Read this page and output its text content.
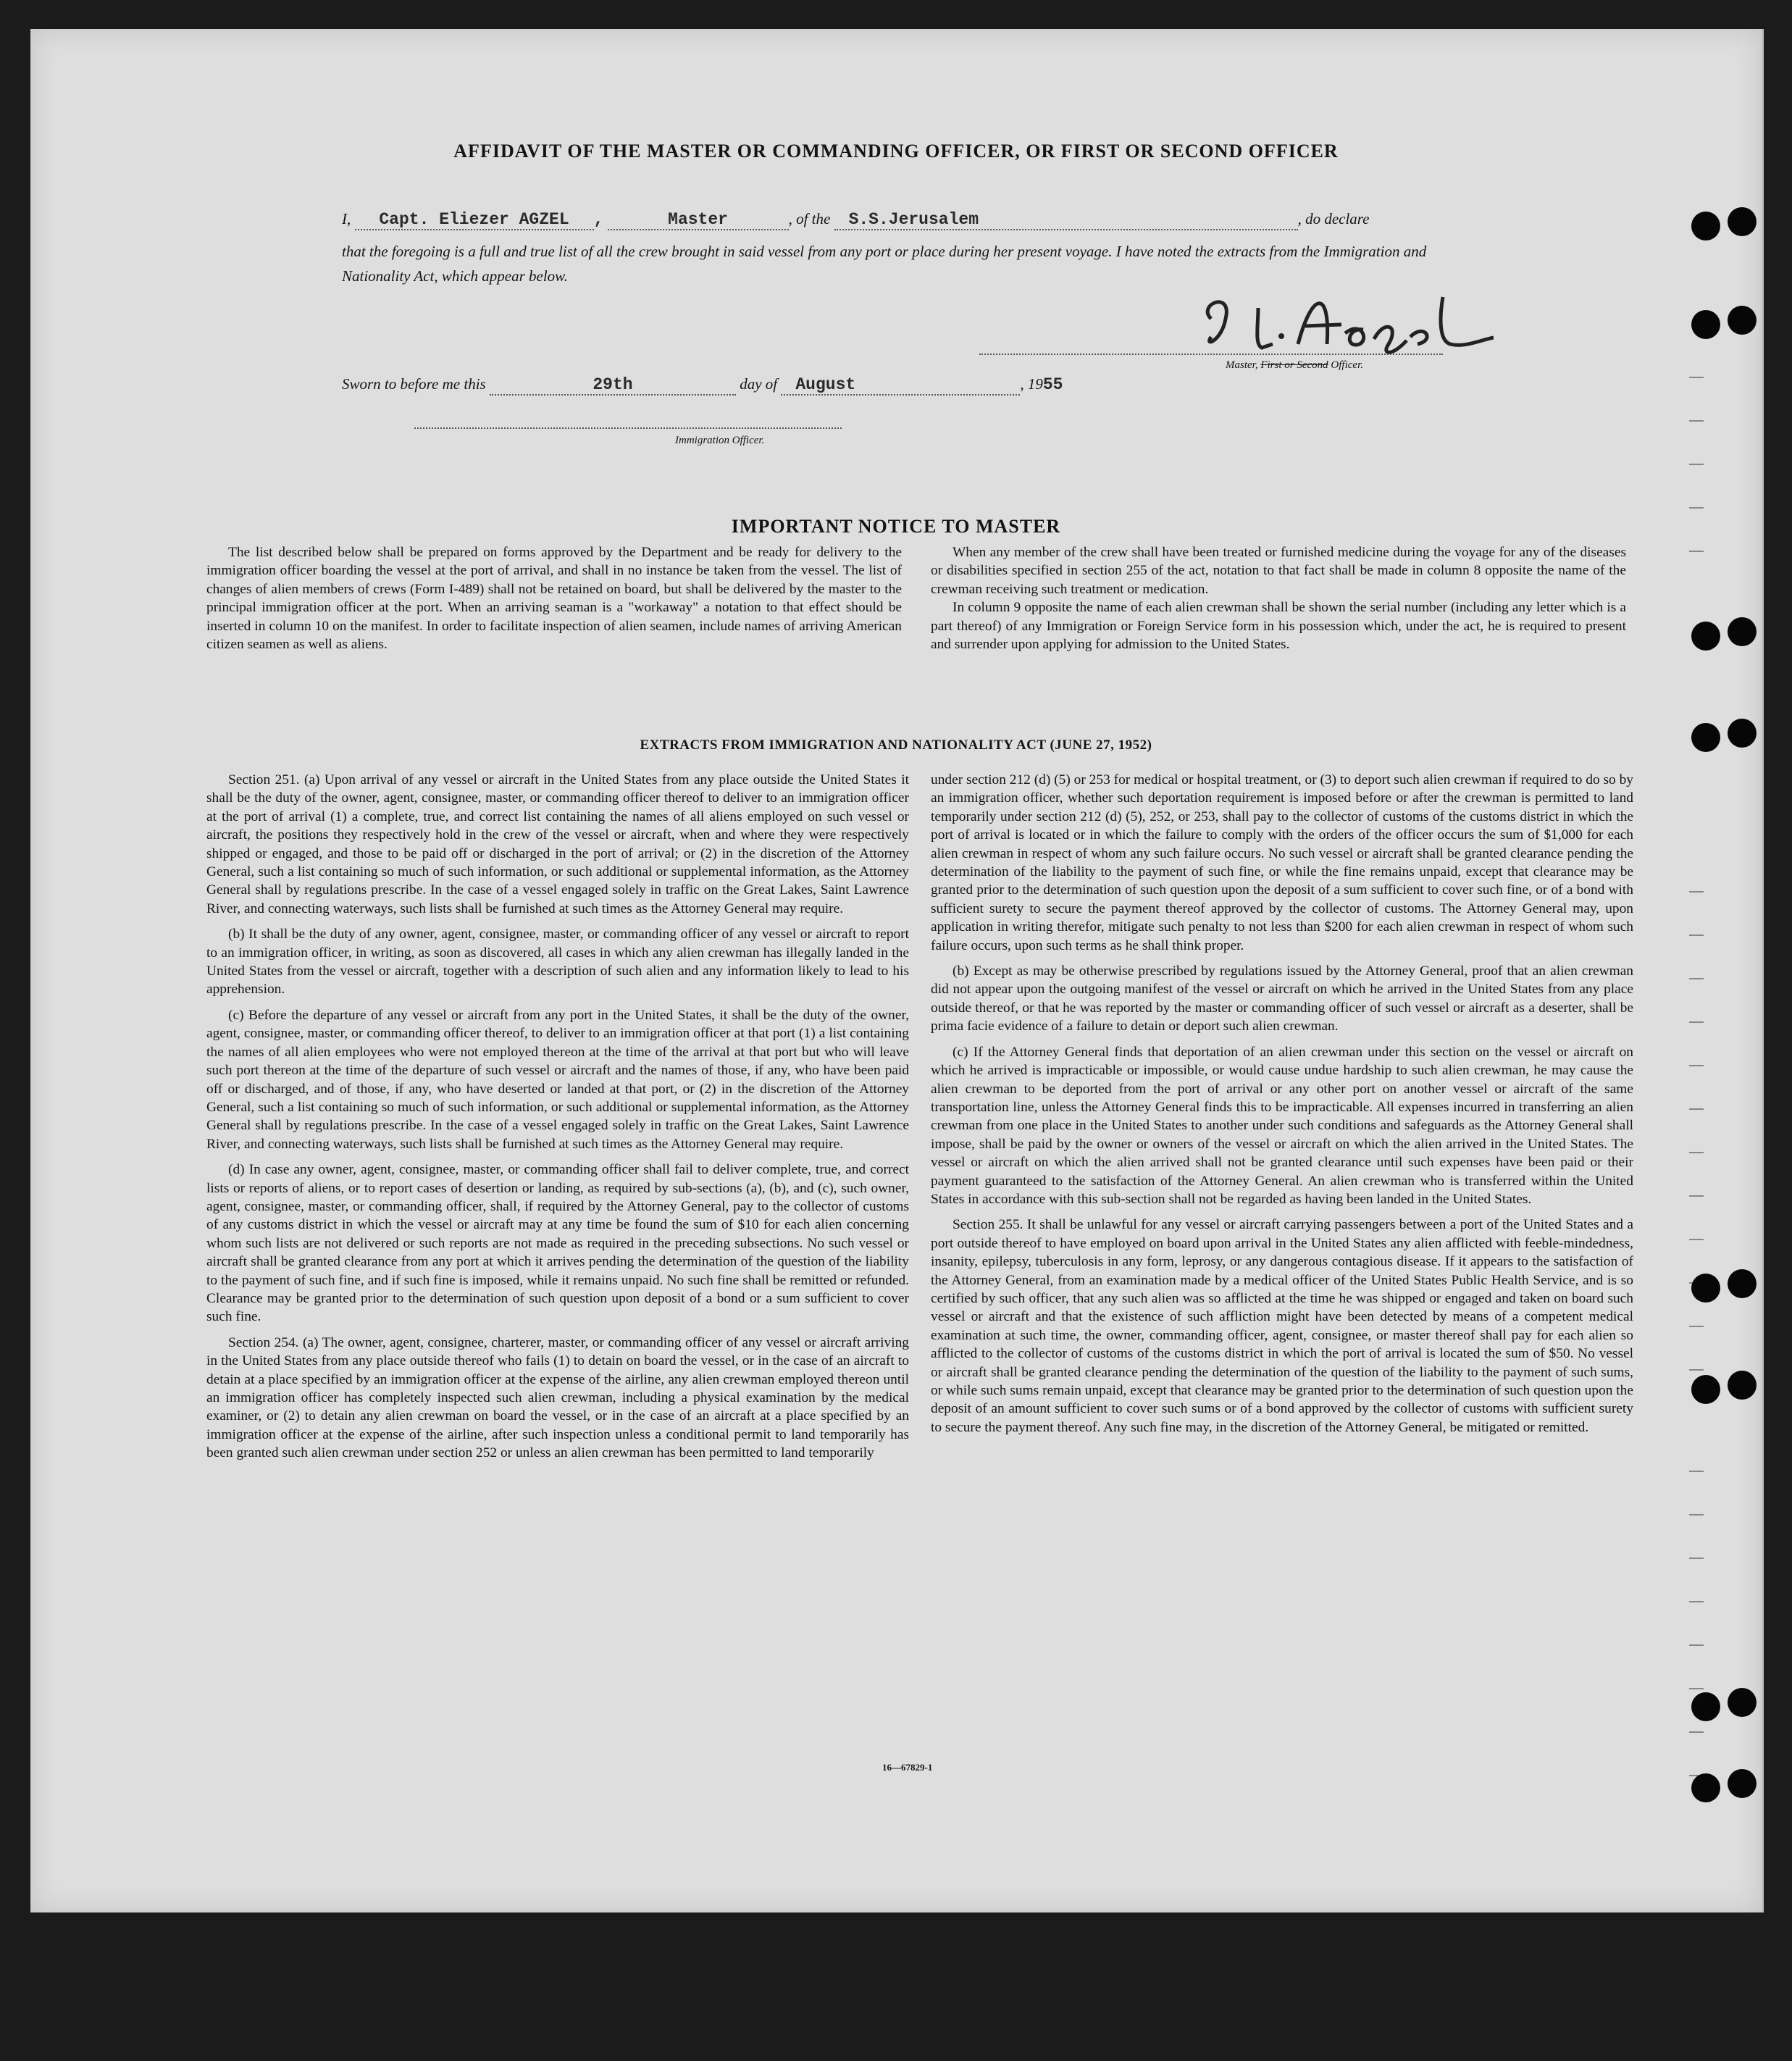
AFFIDAVIT OF THE MASTER OR COMMANDING OFFICER, OR FIRST OR SECOND OFFICER
I, Capt. Eliezer AGZEL ,	Master	, of the S.S.Jerusalem	, do declare
that the foregoing is a full and true list of all the crew brought in said vessel from any port or place during her present voyage. I have noted the extracts from the Immigration and Nationality Act, which appear below.
Master, First or Second Officer.
Sworn to before me this	29th	day of August	, 1955
Immigration Officer.
IMPORTANT NOTICE TO MASTER

The list described below shall be prepared on forms approved by the Department and be ready for delivery to the immigration officer boarding the vessel at the port of arrival, and shall in no instance be taken from the vessel. The list of changes of alien members of crews (Form I-489) shall not be retained on board, but shall be delivered by the master to the principal immigration officer at the port. When an arriving seaman is a "workaway" a notation to that effect should be inserted in column 10 on the manifest. In order to facilitate inspection of alien seamen, include names of arriving American citizen seamen as well as aliens.

When any member of the crew shall have been treated or furnished medicine during the voyage for any of the diseases or disabilities specified in section 255 of the act, notation to that fact shall be made in column 8 opposite the name of the crewman receiving such treatment or medication.

In column 9 opposite the name of each alien crewman shall be shown the serial number (including any letter which is a part thereof) of any Immigration or Foreign Service form in his possession which, under the act, he is required to present and surrender upon applying for admission to the United States.

EXTRACTS FROM IMMIGRATION AND NATIONALITY ACT (JUNE 27, 1952)

Section 251. (a) Upon arrival of any vessel or aircraft in the United States from any place outside the United States it shall be the duty of the owner, agent, consignee, master, or commanding officer thereof to deliver to an immigration officer at the port of arrival (1) a complete, true, and correct list containing the names of all aliens employed on such vessel or aircraft, the positions they respectively hold in the crew of the vessel or aircraft, when and where they were respectively shipped or engaged, and those to be paid off or discharged in the port of arrival; or (2) in the discretion of the Attorney General, such a list containing so much of such information, or such additional or supplemental information, as the Attorney General shall by regulations prescribe. In the case of a vessel engaged solely in traffic on the Great Lakes, Saint Lawrence River, and connecting waterways, such lists shall be furnished at such times as the Attorney General may require.

(b) It shall be the duty of any owner, agent, consignee, master, or commanding officer of any vessel or aircraft to report to an immigration officer, in writing, as soon as discovered, all cases in which any alien crewman has illegally landed in the United States from the vessel or aircraft, together with a description of such alien and any information likely to lead to his apprehension.

(c) Before the departure of any vessel or aircraft from any port in the United States, it shall be the duty of the owner, agent, consignee, master, or commanding officer thereof, to deliver to an immigration officer at that port (1) a list containing the names of all alien employees who were not employed thereon at the time of the arrival at that port but who will leave such port thereon at the time of the departure of such vessel or aircraft and the names of those, if any, who have been paid off or discharged, and of those, if any, who have deserted or landed at that port, or (2) in the discretion of the Attorney General, such a list containing so much of such information, or such additional or supplemental information, as the Attorney General shall by regulations prescribe. In the case of a vessel engaged solely in traffic on the Great Lakes, Saint Lawrence River, and connecting waterways, such lists shall be furnished at such times as the Attorney General may require.

(d) In case any owner, agent, consignee, master, or commanding officer shall fail to deliver complete, true, and correct lists or reports of aliens, or to report cases of desertion or landing, as required by sub-sections (a), (b), and (c), such owner, agent, consignee, master, or commanding officer, shall, if required by the Attorney General, pay to the collector of customs of any customs district in which the vessel or aircraft may at any time be found the sum of $10 for each alien concerning whom such lists are not delivered or such reports are not made as required in the preceding subsections. No such vessel or aircraft shall be granted clearance from any port at which it arrives pending the determination of the question of the liability to the payment of such fine, and if such fine is imposed, while it remains unpaid. No such fine shall be remitted or refunded. Clearance may be granted prior to the determination of such question upon deposit of a bond or a sum sufficient to cover such fine.

Section 254. (a) The owner, agent, consignee, charterer, master, or commanding officer of any vessel or aircraft arriving in the United States from any place outside thereof who fails (1) to detain on board the vessel, or in the case of an aircraft to detain at a place specified by an immigration officer at the expense of the airline, any alien crewman employed thereon until an immigration officer has completely inspected such alien crewman, including a physical examination by the medical examiner, or (2) to detain any alien crewman on board the vessel, or in the case of an aircraft at a place specified by an immigration officer at the expense of the airline, after such inspection unless a conditional permit to land temporarily has been granted such alien crewman under section 252 or unless an alien crewman has been permitted to land temporarily

under section 212 (d) (5) or 253 for medical or hospital treatment, or (3) to deport such alien crewman if required to do so by an immigration officer, whether such deportation requirement is imposed before or after the crewman is permitted to land temporarily under section 212 (d) (5), 252, or 253, shall pay to the collector of customs of the customs district in which the port of arrival is located or in which the failure to comply with the orders of the officer occurs the sum of $1,000 for each alien crewman in respect of whom any such failure occurs. No such vessel or aircraft shall be granted clearance pending the determination of the liability to the payment of such fine, or while the fine remains unpaid, except that clearance may be granted prior to the determination of such question upon the deposit of a sum sufficient to cover such fine, or of a bond with sufficient surety to secure the payment thereof approved by the collector of customs. The Attorney General may, upon application in writing therefor, mitigate such penalty to not less than $200 for each alien crewman in respect of whom such failure occurs, upon such terms as he shall think proper.

(b) Except as may be otherwise prescribed by regulations issued by the Attorney General, proof that an alien crewman did not appear upon the outgoing manifest of the vessel or aircraft on which he arrived in the United States from any place outside thereof, or that he was reported by the master or commanding officer of such vessel or aircraft as a deserter, shall be prima facie evidence of a failure to detain or deport such alien crewman.

(c) If the Attorney General finds that deportation of an alien crewman under this section on the vessel or aircraft on which he arrived is impracticable or impossible, or would cause undue hardship to such alien crewman, he may cause the alien crewman to be deported from the port of arrival or any other port on another vessel or aircraft of the same transportation line, unless the Attorney General finds this to be impracticable. All expenses incurred in transferring an alien crewman from one place in the United States to another under such conditions and safeguards as the Attorney General shall impose, shall be paid by the owner or owners of the vessel or aircraft on which the alien arrived in the United States. The vessel or aircraft on which the alien arrived shall not be granted clearance until such expenses have been paid or their payment guaranteed to the satisfaction of the Attorney General. An alien crewman who is transferred within the United States in accordance with this sub-section shall not be regarded as having been landed in the United States.

Section 255. It shall be unlawful for any vessel or aircraft carrying passengers between a port of the United States and a port outside thereof to have employed on board upon arrival in the United States any alien afflicted with feeble-mindedness, insanity, epilepsy, tuberculosis in any form, leprosy, or any dangerous contagious disease. If it appears to the satisfaction of the Attorney General, from an examination made by a medical officer of the United States Public Health Service, and is so certified by such officer, that any such alien was so afflicted at the time he was shipped or engaged and taken on board such vessel or aircraft and that the existence of such affliction might have been detected by means of a competent medical examination at such time, the owner, commanding officer, agent, consignee, or master thereof shall pay for each alien so afflicted to the collector of customs of the customs district in which the port of arrival is located the sum of $50. No vessel or aircraft shall be granted clearance pending the determination of the question of the liability to the payment of such sums, or while such sums remain unpaid, except that clearance may be granted prior to the determination of such question upon the deposit of an amount sufficient to cover such sums or of a bond approved by the collector of customs with sufficient surety to secure the payment thereof. Any such fine may, in the discretion of the Attorney General, be mitigated or remitted.

16—67829-1
